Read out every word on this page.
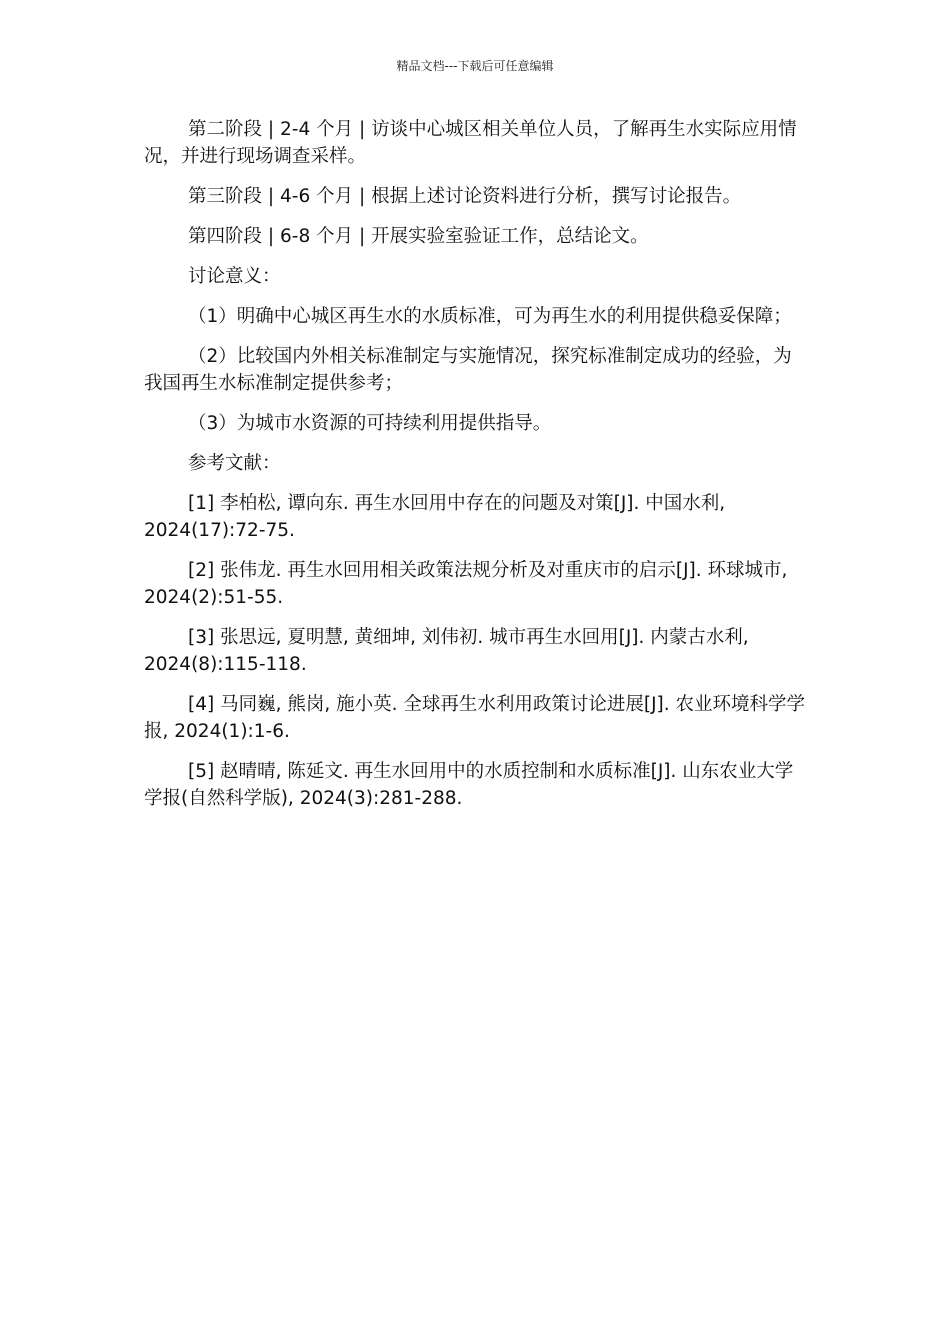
精品文档---下载后可任意编辑

第二阶段 | 2-4 个月 | 访谈中心城区相关单位人员，了解再生水实际应用情况，并进行现场调查采样。

第三阶段 | 4-6 个月 | 根据上述讨论资料进行分析，撰写讨论报告。

第四阶段 | 6-8 个月 | 开展实验室验证工作，总结论文。

讨论意义：

（1）明确中心城区再生水的水质标准，可为再生水的利用提供稳妥保障；

（2）比较国内外相关标准制定与实施情况，探究标准制定成功的经验，为我国再生水标准制定提供参考；

（3）为城市水资源的可持续利用提供指导。

参考文献：

[1] 李柏松, 谭向东. 再生水回用中存在的问题及对策[J]. 中国水利, 2024(17):72-75.

[2] 张伟龙. 再生水回用相关政策法规分析及对重庆市的启示[J]. 环球城市, 2024(2):51-55.

[3] 张思远, 夏明慧, 黄细坤, 刘伟初. 城市再生水回用[J]. 内蒙古水利, 2024(8):115-118.

[4] 马同巍, 熊岗, 施小英. 全球再生水利用政策讨论进展[J]. 农业环境科学学报, 2024(1):1-6.

[5] 赵晴晴, 陈延文. 再生水回用中的水质控制和水质标准[J]. 山东农业大学学报(自然科学版), 2024(3):281-288.
